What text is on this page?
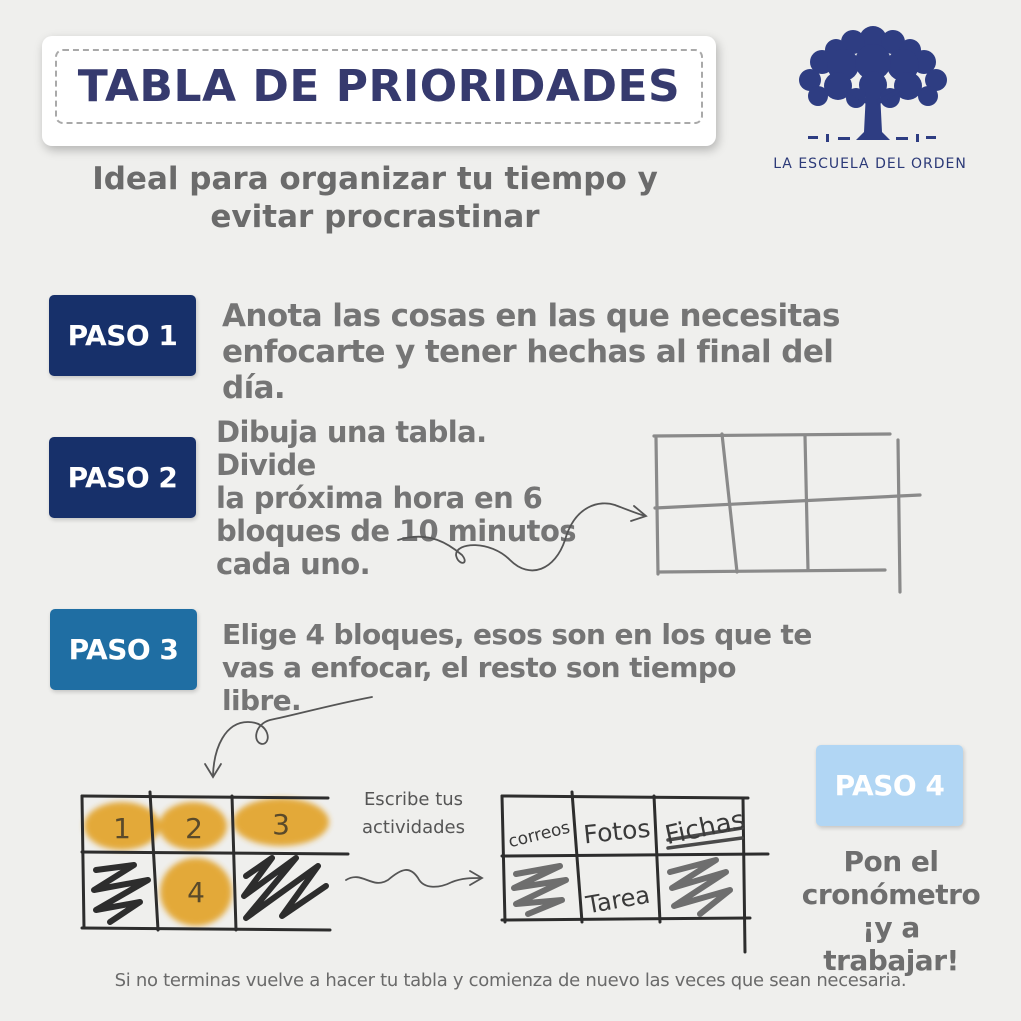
TABLA DE PRIORIDADES
Ideal para organizar tu tiempo y evitar procrastinar
LA ESCUELA DEL ORDEN
PASO 1
Anota las cosas en las que necesitas
enfocarte y tener hechas al final del día.
PASO 2
Dibuja una tabla. Divide
la próxima hora en 6
bloques de 10 minutos
cada uno.
PASO 3	Elige 4 bloques, esos son en los que te
vas a enfocar, el resto son tiempo libre.
PASO 4
Pon el
cronómetro
¡y a trabajar!
1 2 3
4
correos Fotos Fichas
Tarea
Escribe tus
actividades
Si no terminas vuelve a hacer tu tabla y comienza de nuevo las veces que sean necesaria.
